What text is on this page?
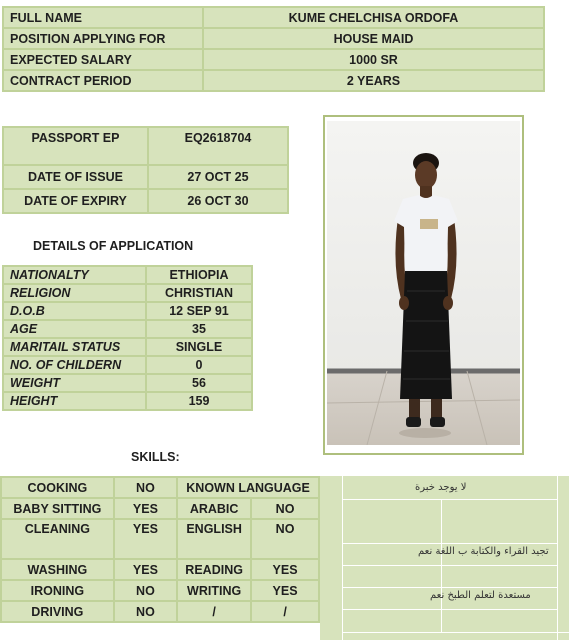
FULL NAME	KUME CHELCHISA ORDOFA
POSITION APPLYING FOR	HOUSE MAID
EXPECTED SALARY	1000 SR
CONTRACT PERIOD	2 YEARS
PASSPORT EP	EQ2618704
DATE OF ISSUE	27 OCT 25
DATE OF EXPIRY	26 OCT 30
DETAILS OF APPLICATION
NATIONALTY	ETHIOPIA
RELIGION	CHRISTIAN
D.O.B	12 SEP 91
AGE	35
MARITAIL STATUS	SINGLE
NO. OF CHILDERN	0
WEIGHT	56
HEIGHT	159
SKILLS:
COOKING	NO	KNOWN LANGUAGE	
BABY SITTING	YES	ARABIC	NO
CLEANING	YES	ENGLISH	NO
WASHING	YES	READING	YES
IRONING	NO	WRITING	YES
DRIVING	NO	/	/
لا يوجد خبرة
تجيد القراء والكتابة ب اللغة نعم
مستعدة لتعلم الطبخ نعم
